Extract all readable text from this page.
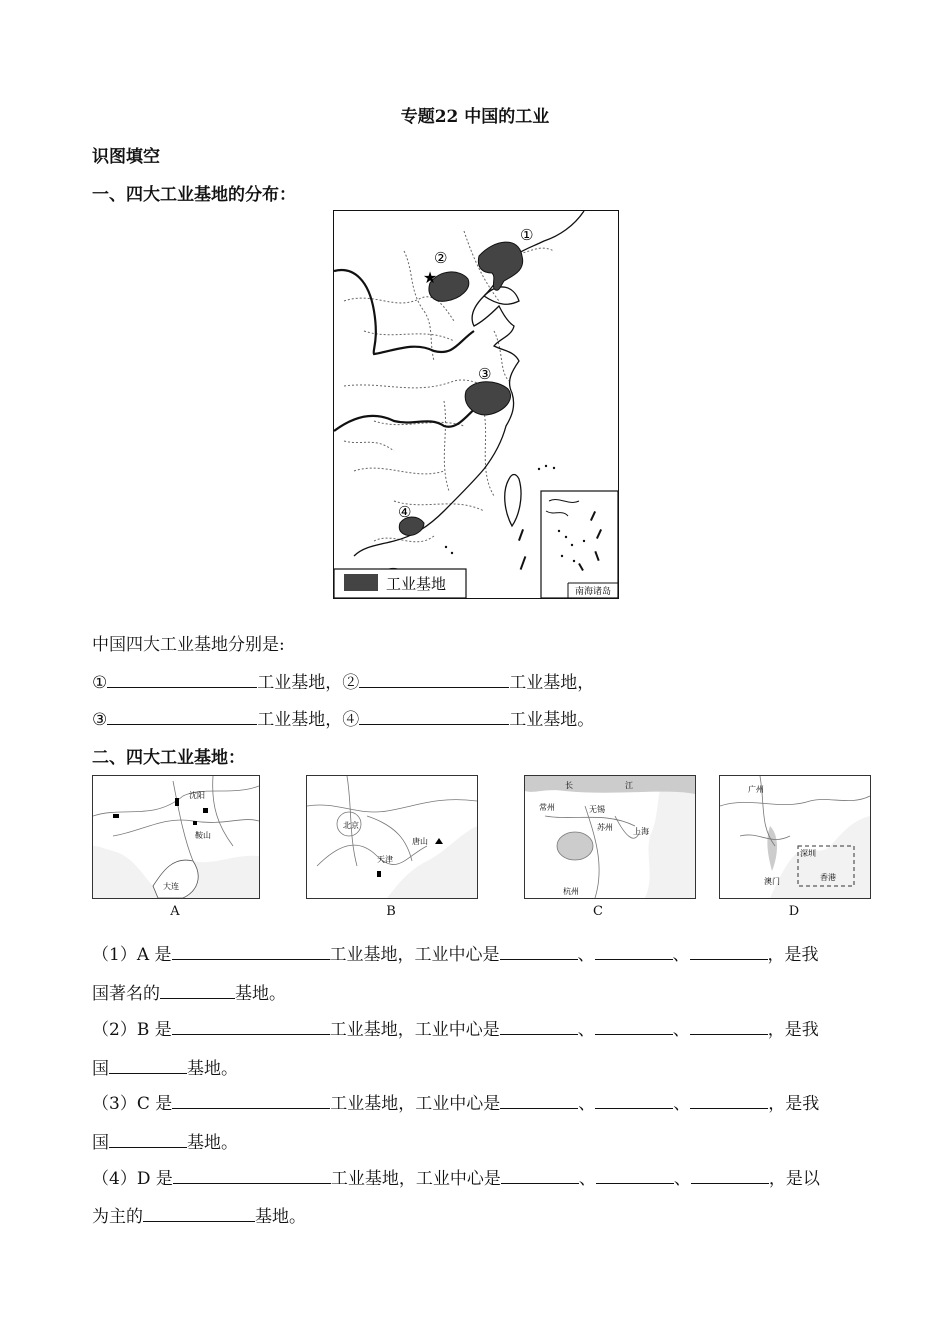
专题22 中国的工业
识图填空
一、四大工业基地的分布：
★
①
②
③
④
南海诸岛
工业基地
中国四大工业基地分别是:
①	工业基地，②	工业基地，
③	工业基地，④	工业基地。
二、四大工业基地：
沈阳
鞍山
大连
A
北京
唐山
天津
B
长	江
常州	无锡
苏州	上海
杭州
C
广州
深圳
澳门	香港
D
（1）A 是	工业基地，工业中心是	、	、	，是我
国著名的	基地。
（2）B 是	工业基地，工业中心是	、	、	，是我
国	基地。
（3）C 是	工业基地，工业中心是	、	、	，是我
国	基地。
（4）D 是	工业基地，工业中心是	、	、	，是以
为主的	基地。
